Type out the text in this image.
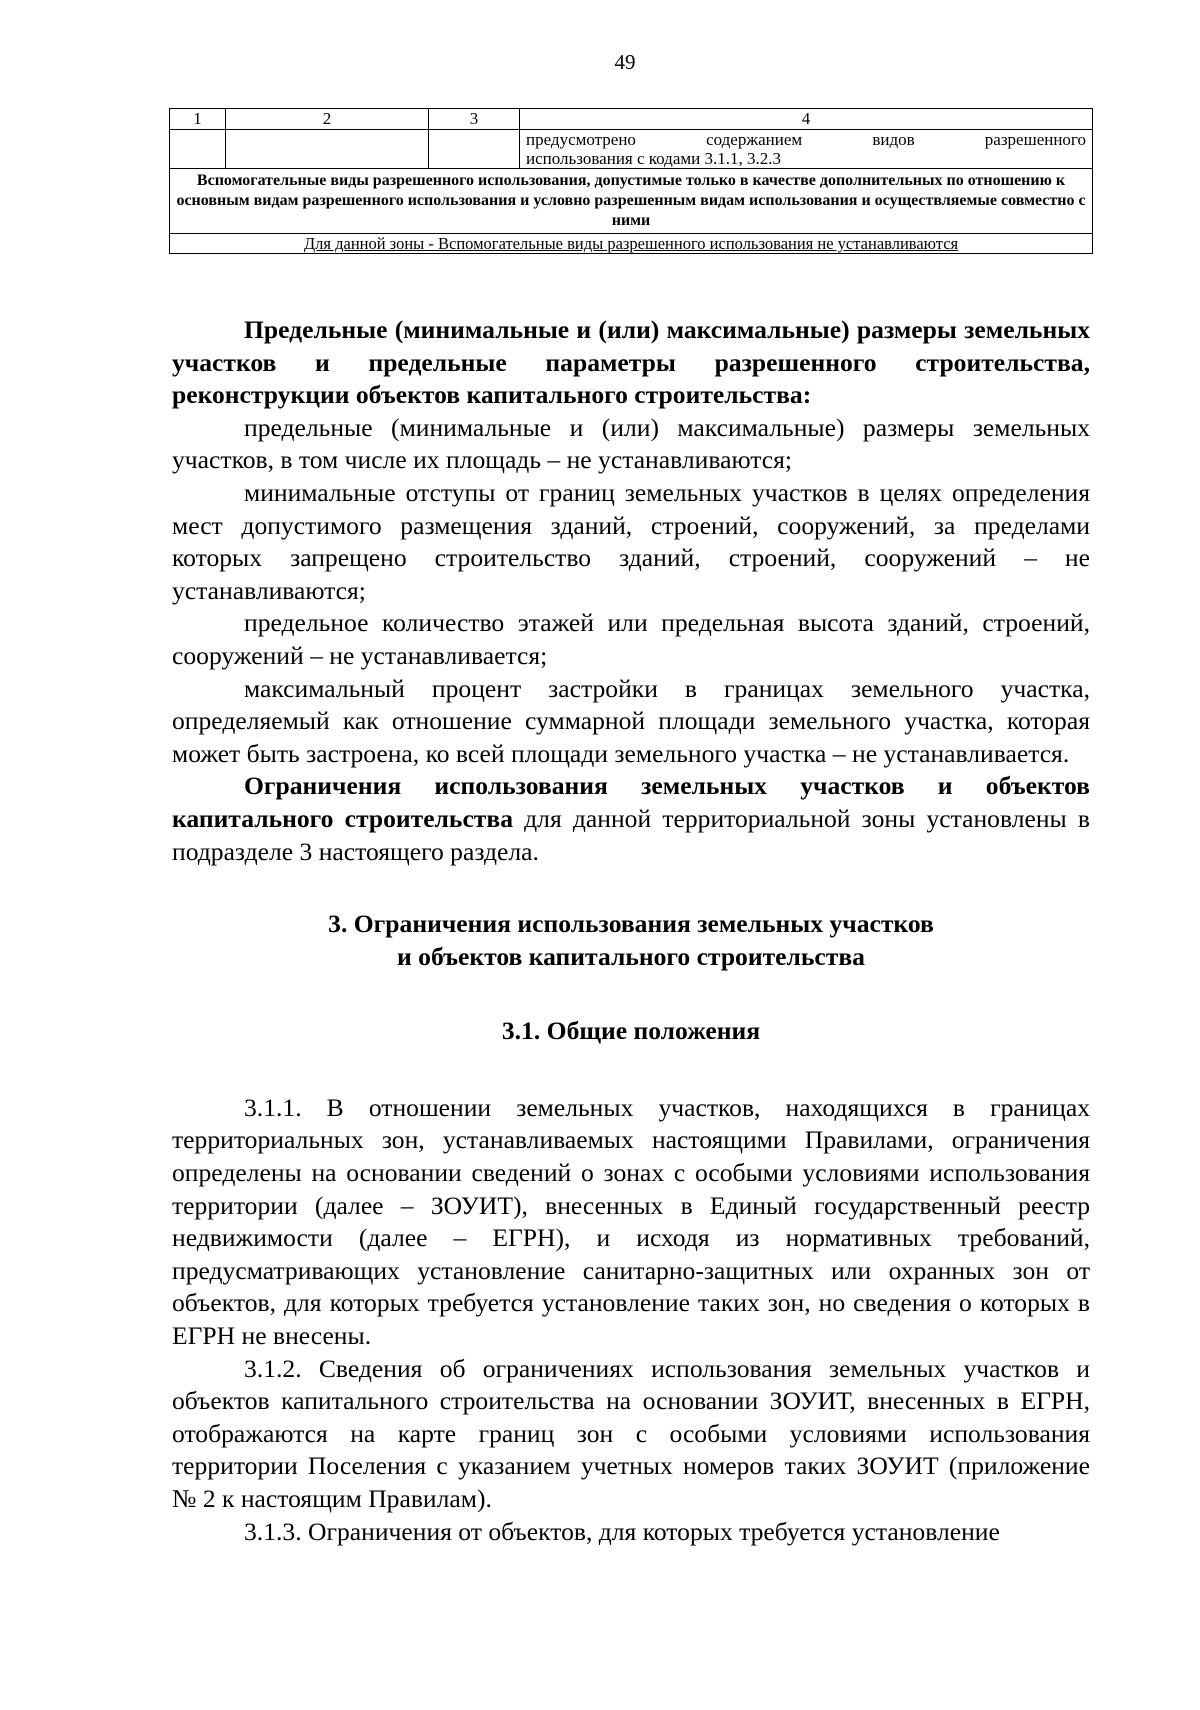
49
1	2	3	4

			предусмотрено содержанием видов разрешенного
использования с кодами 3.1.1, 3.2.3

Вспомогательные виды разрешенного использования, допустимые только в качестве дополнительных по отношению к основным видам разрешенного использования и условно разрешенным видам использования и осуществляемые совместно с ними			
Для данной зоны - Вспомогательные виды разрешенного использования не устанавливаются			

Предельные (минимальные и (или) максимальные) размеры земельных участков и предельные параметры разрешенного строительства, реконструкции объектов капитального строительства:

предельные (минимальные и (или) максимальные) размеры земельных участков, в том числе их площадь – не устанавливаются;

минимальные отступы от границ земельных участков в целях определения мест допустимого размещения зданий, строений, сооружений, за пределами которых запрещено строительство зданий, строений, сооружений – не устанавливаются;

предельное количество этажей или предельная высота зданий, строений, сооружений – не устанавливается;

максимальный процент застройки в границах земельного участка, определяемый как отношение суммарной площади земельного участка, которая может быть застроена, ко всей площади земельного участка – не устанавливается.

Ограничения использования земельных участков и объектов капитального строительства для данной территориальной зоны установлены в подразделе 3 настоящего раздела.

3. Ограничения использования земельных участков
и объектов капитального строительства
3.1. Общие положения

3.1.1. В отношении земельных участков, находящихся в границах территориальных зон, устанавливаемых настоящими Правилами, ограничения определены на основании сведений о зонах с особыми условиями использования территории (далее – ЗОУИТ), внесенных в Единый государственный реестр недвижимости (далее – ЕГРН), и исходя из нормативных требований, предусматривающих установление санитарно-защитных или охранных зон от объектов, для которых требуется установление таких зон, но сведения о которых в ЕГРН не внесены.

3.1.2. Сведения об ограничениях использования земельных участков и объектов капитального строительства на основании ЗОУИТ, внесенных в ЕГРН, отображаются на карте границ зон с особыми условиями использования территории Поселения с указанием учетных номеров таких ЗОУИТ (приложение № 2 к настоящим Правилам).

3.1.3. Ограничения от объектов, для которых требуется установление
